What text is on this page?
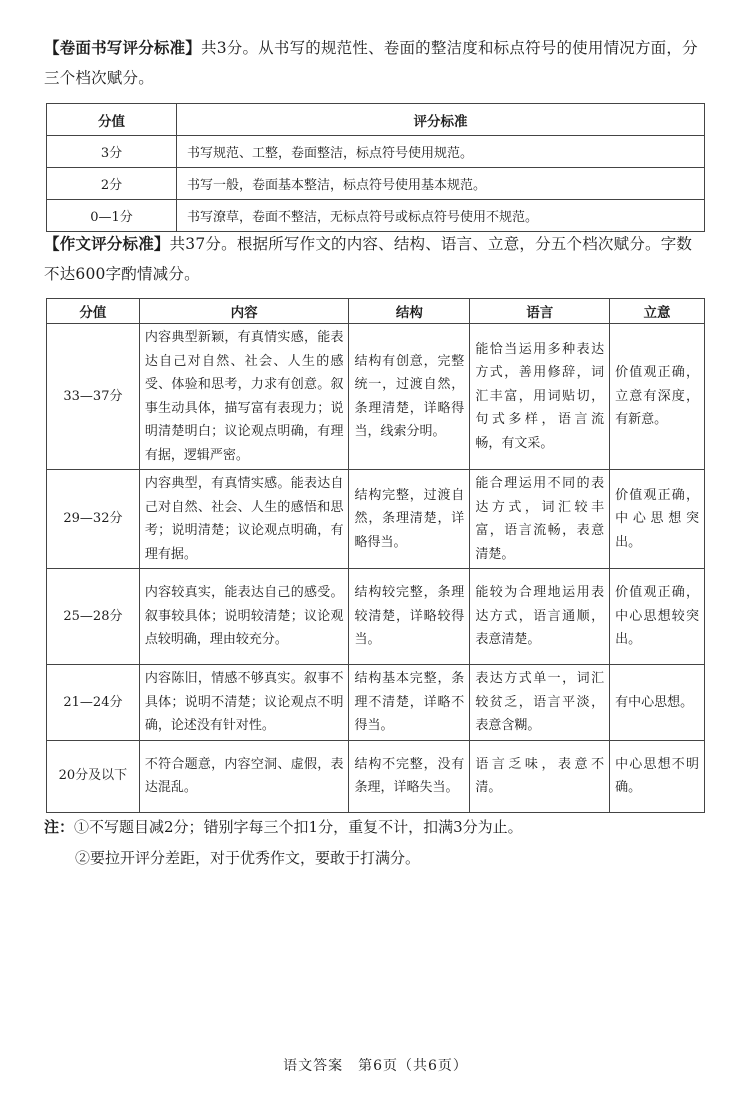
【卷面书写评分标准】共3分。从书写的规范性、卷面的整洁度和标点符号的使用情况方面，分三个档次赋分。
分值	评分标准
3分	书写规范、工整，卷面整洁，标点符号使用规范。
2分	书写一般，卷面基本整洁，标点符号使用基本规范。
0—1分	书写潦草，卷面不整洁，无标点符号或标点符号使用不规范。
【作文评分标准】共37分。根据所写作文的内容、结构、语言、立意，分五个档次赋分。字数不达600字酌情减分。
分值	内容	结构	语言	立意
33—37分	内容典型新颖，有真情实感，能表达自己对自然、社会、人生的感受、体验和思考，力求有创意。叙事生动具体，描写富有表现力；说明清楚明白；议论观点明确，有理有据，逻辑严密。	结构有创意，完整统一，过渡自然，条理清楚，详略得当，线索分明。	能恰当运用多种表达方式，善用修辞，词汇丰富，用词贴切，句式多样，语言流畅，有文采。	价值观正确，立意有深度，有新意。
29—32分	内容典型，有真情实感。能表达自己对自然、社会、人生的感悟和思考；说明清楚；议论观点明确，有理有据。	结构完整，过渡自然，条理清楚，详略得当。	能合理运用不同的表达方式，词汇较丰富，语言流畅，表意清楚。	价值观正确，中心思想突出。
25—28分	内容较真实，能表达自己的感受。叙事较具体；说明较清楚；议论观点较明确，理由较充分。	结构较完整，条理较清楚，详略较得当。	能较为合理地运用表达方式，语言通顺，表意清楚。	价值观正确，中心思想较突出。
21—24分	内容陈旧，情感不够真实。叙事不具体；说明不清楚；议论观点不明确，论述没有针对性。	结构基本完整，条理不清楚，详略不得当。	表达方式单一，词汇较贫乏，语言平淡，表意含糊。	有中心思想。
20分及以下	不符合题意，内容空洞、虚假，表达混乱。	结构不完整，没有条理，详略失当。	语言乏味，表意不清。	中心思想不明确。
注：①不写题目减2分；错别字每三个扣1分，重复不计，扣满3分为止。
②要拉开评分差距，对于优秀作文，要敢于打满分。
语文答案　第6页（共6页）
